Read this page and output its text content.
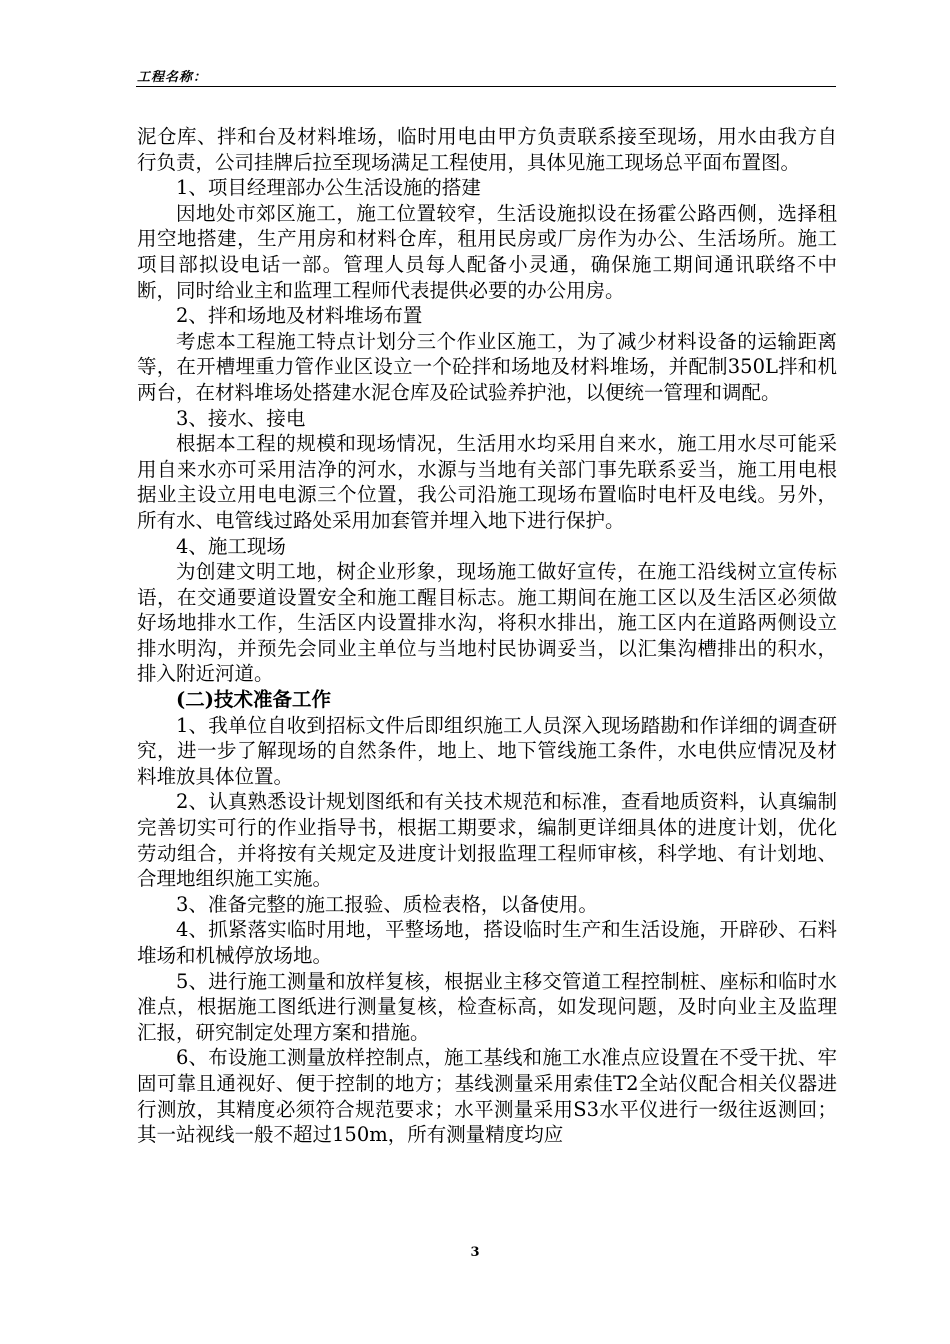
工程名称：

泥仓库、拌和台及材料堆场，临时用电由甲方负责联系接至现场，用水由我方自行负责，公司挂牌后拉至现场满足工程使用，具体见施工现场总平面布置图。

1、项目经理部办公生活设施的搭建

因地处市郊区施工，施工位置较窄，生活设施拟设在扬霍公路西侧，选择租用空地搭建，生产用房和材料仓库，租用民房或厂房作为办公、生活场所。施工项目部拟设电话一部。管理人员每人配备小灵通，确保施工期间通讯联络不中断，同时给业主和监理工程师代表提供必要的办公用房。

2、拌和场地及材料堆场布置

考虑本工程施工特点计划分三个作业区施工，为了减少材料设备的运输距离等，在开槽埋重力管作业区设立一个砼拌和场地及材料堆场，并配制350L拌和机两台，在材料堆场处搭建水泥仓库及砼试验养护池，以便统一管理和调配。

3、接水、接电

根据本工程的规模和现场情况，生活用水均采用自来水，施工用水尽可能采用自来水亦可采用洁净的河水，水源与当地有关部门事先联系妥当，施工用电根据业主设立用电电源三个位置，我公司沿施工现场布置临时电杆及电线。另外，所有水、电管线过路处采用加套管并埋入地下进行保护。

4、施工现场

为创建文明工地，树企业形象，现场施工做好宣传，在施工沿线树立宣传标语，在交通要道设置安全和施工醒目标志。施工期间在施工区以及生活区必须做好场地排水工作，生活区内设置排水沟，将积水排出，施工区内在道路两侧设立排水明沟，并预先会同业主单位与当地村民协调妥当，以汇集沟槽排出的积水，排入附近河道。

(二)技术准备工作

1、我单位自收到招标文件后即组织施工人员深入现场踏勘和作详细的调查研究，进一步了解现场的自然条件，地上、地下管线施工条件，水电供应情况及材料堆放具体位置。

2、认真熟悉设计规划图纸和有关技术规范和标准，查看地质资料，认真编制完善切实可行的作业指导书，根据工期要求，编制更详细具体的进度计划，优化劳动组合，并将按有关规定及进度计划报监理工程师审核，科学地、有计划地、合理地组织施工实施。

3、准备完整的施工报验、质检表格，以备使用。

4、抓紧落实临时用地，平整场地，搭设临时生产和生活设施，开辟砂、石料堆场和机械停放场地。

5、进行施工测量和放样复核，根据业主移交管道工程控制桩、座标和临时水准点，根据施工图纸进行测量复核，检查标高，如发现问题，及时向业主及监理汇报，研究制定处理方案和措施。

6、布设施工测量放样控制点，施工基线和施工水准点应设置在不受干扰、牢固可靠且通视好、便于控制的地方；基线测量采用索佳T2全站仪配合相关仪器进行测放，其精度必须符合规范要求；水平测量采用S3水平仪进行一级往返测回；其一站视线一般不超过150m，所有测量精度均应

3
